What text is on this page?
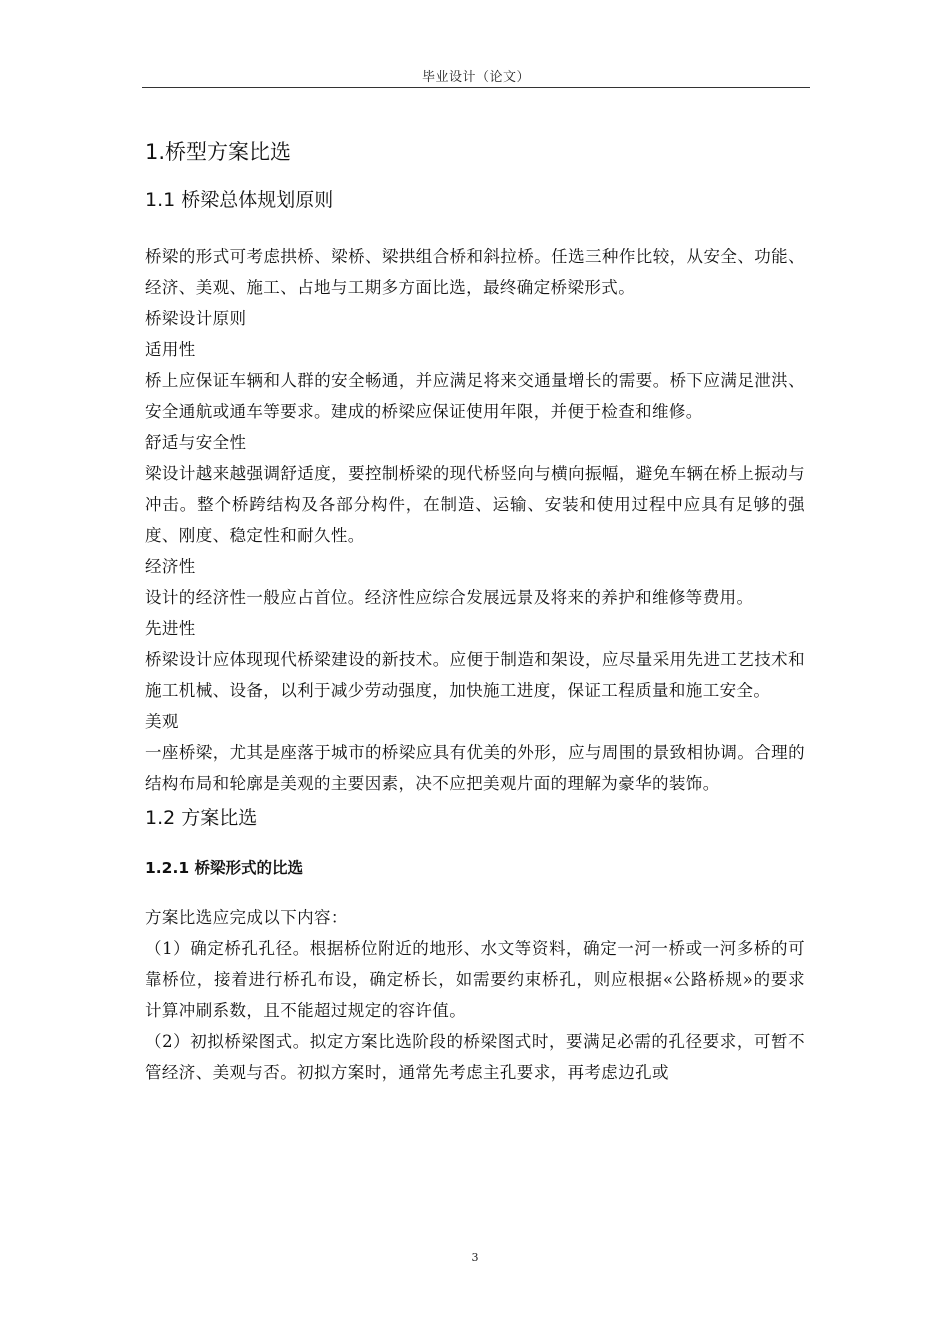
毕业设计（论文）
1.桥型方案比选
1.1 桥梁总体规划原则

桥梁的形式可考虑拱桥、梁桥、梁拱组合桥和斜拉桥。任选三种作比较，从安全、功能、经济、美观、施工、占地与工期多方面比选，最终确定桥梁形式。

桥梁设计原则

适用性

桥上应保证车辆和人群的安全畅通，并应满足将来交通量增长的需要。桥下应满足泄洪、安全通航或通车等要求。建成的桥梁应保证使用年限，并便于检查和维修。

舒适与安全性

梁设计越来越强调舒适度，要控制桥梁的现代桥竖向与横向振幅，避免车辆在桥上振动与冲击。整个桥跨结构及各部分构件，在制造、运输、安装和使用过程中应具有足够的强度、刚度、稳定性和耐久性。

经济性

设计的经济性一般应占首位。经济性应综合发展远景及将来的养护和维修等费用。

先进性

桥梁设计应体现现代桥梁建设的新技术。应便于制造和架设，应尽量采用先进工艺技术和施工机械、设备，以利于减少劳动强度，加快施工进度，保证工程质量和施工安全。

美观

一座桥梁，尤其是座落于城市的桥梁应具有优美的外形，应与周围的景致相协调。合理的结构布局和轮廓是美观的主要因素，决不应把美观片面的理解为豪华的装饰。

1.2 方案比选
1.2.1 桥梁形式的比选

方案比选应完成以下内容：

（1）确定桥孔孔径。根据桥位附近的地形、水文等资料，确定一河一桥或一河多桥的可靠桥位，接着进行桥孔布设，确定桥长，如需要约束桥孔，则应根据«公路桥规»的要求计算冲刷系数，且不能超过规定的容许值。

（2）初拟桥梁图式。拟定方案比选阶段的桥梁图式时，要满足必需的孔径要求，可暂不管经济、美观与否。初拟方案时，通常先考虑主孔要求，再考虑边孔或

3
